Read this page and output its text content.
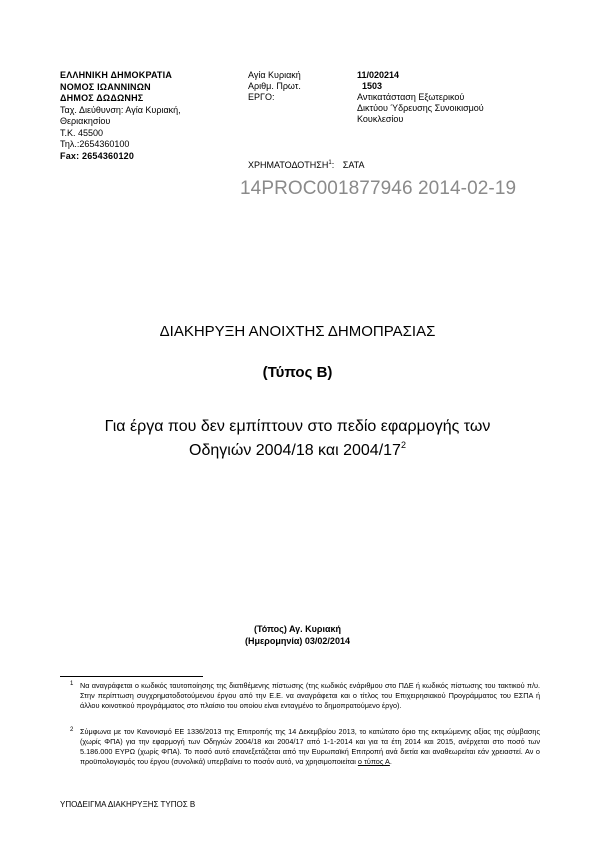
ΕΛΛΗΝΙΚΗ ΔΗΜΟΚΡΑΤΙΑ
ΝΟΜΟΣ ΙΩΑΝΝΙΝΩΝ
ΔΗΜΟΣ ΔΩΔΩΝΗΣ
Ταχ. Διεύθυνση: Αγία Κυριακή,
Θεριακησίου
Τ.Κ. 45500
Τηλ.:2654360100
Fax: 2654360120
Αγία Κυριακή	11/020214
Αριθμ. Πρωτ.	1503
ΕΡΓΟ:	Αντικατάσταση Εξωτερικού
Δικτύου Ύδρευσης Συνοικισμού
Κουκλεσίου
ΧΡΗΜΑΤΟΔΟΤΗΣΗ$^1$: ΣΑΤΑ
14PROC001877946 2014-02-19
ΔΙΑΚΗΡΥΞΗ ΑΝΟΙΧΤΗΣ ΔΗΜΟΠΡΑΣΙΑΣ
(Τύπος Β)
Για έργα που δεν εμπίπτουν στο πεδίο εφαρμογής των
Οδηγιών 2004/18 και $2004/17^2$
(Τόπος) Αγ. Κυριακή
(Ημερομηνία) 03/02/2014
1 Να αναγράφεται ο κωδικός ταυτοποίησης της διατιθέμενης πίστωσης (της κωδικός ενάριθμου στο ΠΔΕ ή κωδικός πίστωσης του τακτικού π/υ. Στην περίπτωση συγχρηματοδοτούμενου έργου από την Ε.Ε. να αναγράφεται και ο τίτλος του Επιχειρησιακού Προγράμματος του ΕΣΠΑ ή άλλου κοινοτικού προγράμματος στο πλαίσιο του οποίου είναι ενταγμένο το δημοπρατούμενο έργο).
2 Σύμφωνα με τον Κανονισμό ΕΕ 1336/2013 της Επιτροπής της 14 Δεκεμβρίου 2013, το κατώτατο όριο της εκτιμώμενης αξίας της σύμβασης (χωρίς ΦΠΑ) για την εφαρμογή των Οδηγιών 2004/18 και 2004/17 από 1-1-2014 και για τα έτη 2014 και 2015, ανέρχεται στο ποσό των 5.186.000 ΕΥΡΩ (χωρίς ΦΠΑ). Το ποσό αυτό επανεξετάζεται από την Ευρωπαϊκή Επιτροπή ανά διετία και αναθεωρείται εάν χρειαστεί. Αν ο προϋπολογισμός του έργου (συνολικά) υπερβαίνει το ποσόν αυτό, να χρησιμοποιείται ο τύπος Α.
ΥΠΟΔΕΙΓΜΑ ΔΙΑΚΗΡΥΞΗΣ ΤΥΠΟΣ Β
